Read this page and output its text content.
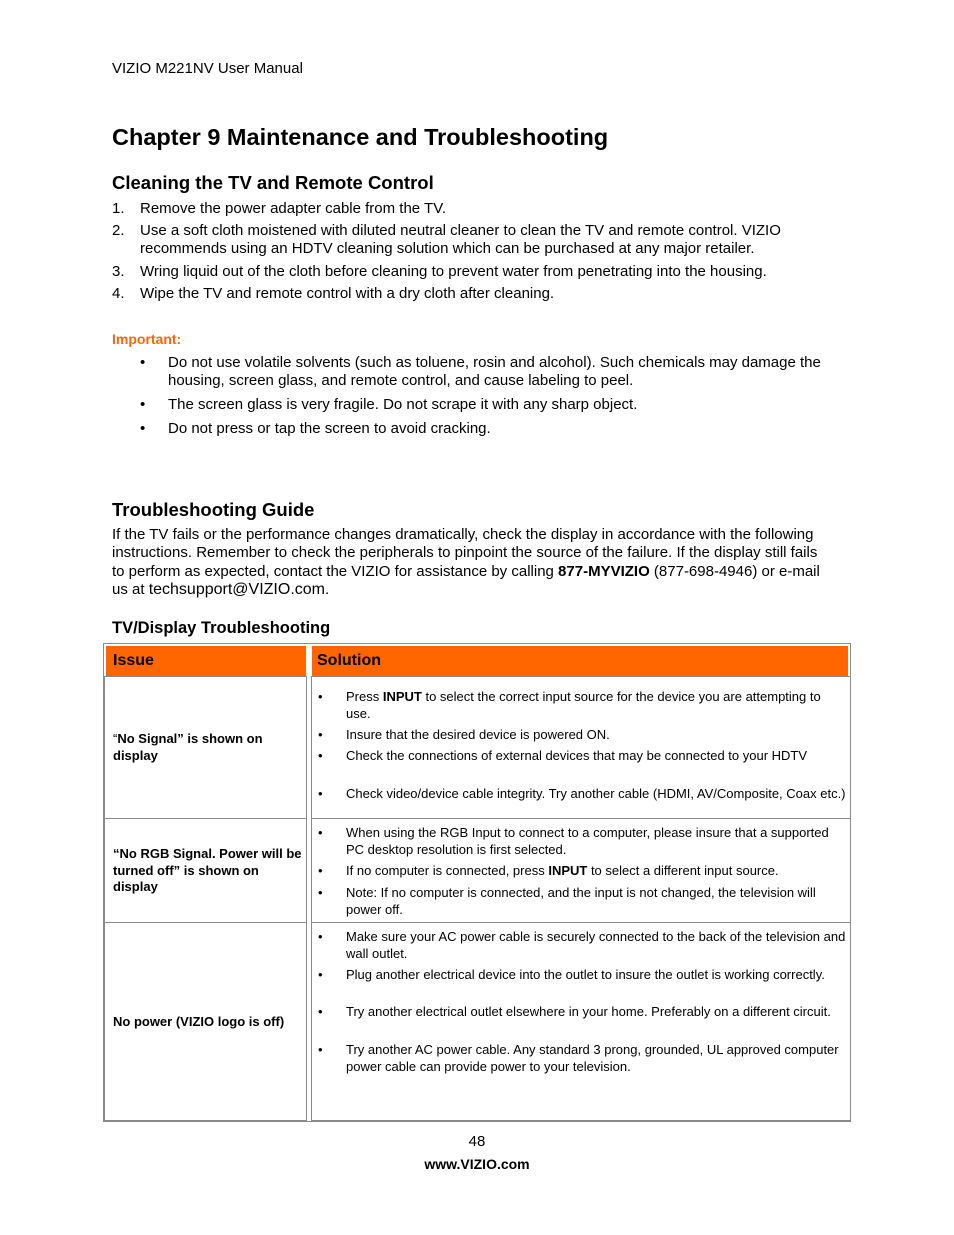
VIZIO M221NV User Manual
Chapter 9 Maintenance and Troubleshooting
Cleaning the TV and Remote Control
1. Remove the power adapter cable from the TV.
2. Use a soft cloth moistened with diluted neutral cleaner to clean the TV and remote control. VIZIO recommends using an HDTV cleaning solution which can be purchased at any major retailer.
3. Wring liquid out of the cloth before cleaning to prevent water from penetrating into the housing.
4. Wipe the TV and remote control with a dry cloth after cleaning.
Important:
• Do not use volatile solvents (such as toluene, rosin and alcohol). Such chemicals may damage the housing, screen glass, and remote control, and cause labeling to peel.
• The screen glass is very fragile. Do not scrape it with any sharp object.
• Do not press or tap the screen to avoid cracking.
Troubleshooting Guide
If the TV fails or the performance changes dramatically, check the display in accordance with the following instructions. Remember to check the peripherals to pinpoint the source of the failure. If the display still fails to perform as expected, contact the VIZIO for assistance by calling 877-MYVIZIO (877-698-4946) or e-mail us at techsupport@VIZIO.com.
TV/Display Troubleshooting
Issue	Solution
“No Signal” is shown on display
• Press INPUT to select the correct input source for the device you are attempting to use.
• Insure that the desired device is powered ON.
• Check the connections of external devices that may be connected to your HDTV
• Check video/device cable integrity. Try another cable (HDMI, AV/Composite, Coax etc.)
“No RGB Signal. Power will be turned off” is shown on display
• When using the RGB Input to connect to a computer, please insure that a supported PC desktop resolution is first selected.
• If no computer is connected, press INPUT to select a different input source.
• Note: If no computer is connected, and the input is not changed, the television will power off.
No power (VIZIO logo is off)
• Make sure your AC power cable is securely connected to the back of the television and wall outlet.
• Plug another electrical device into the outlet to insure the outlet is working correctly.
• Try another electrical outlet elsewhere in your home. Preferably on a different circuit.
• Try another AC power cable. Any standard 3 prong, grounded, UL approved computer power cable can provide power to your television.
48
www.VIZIO.com
